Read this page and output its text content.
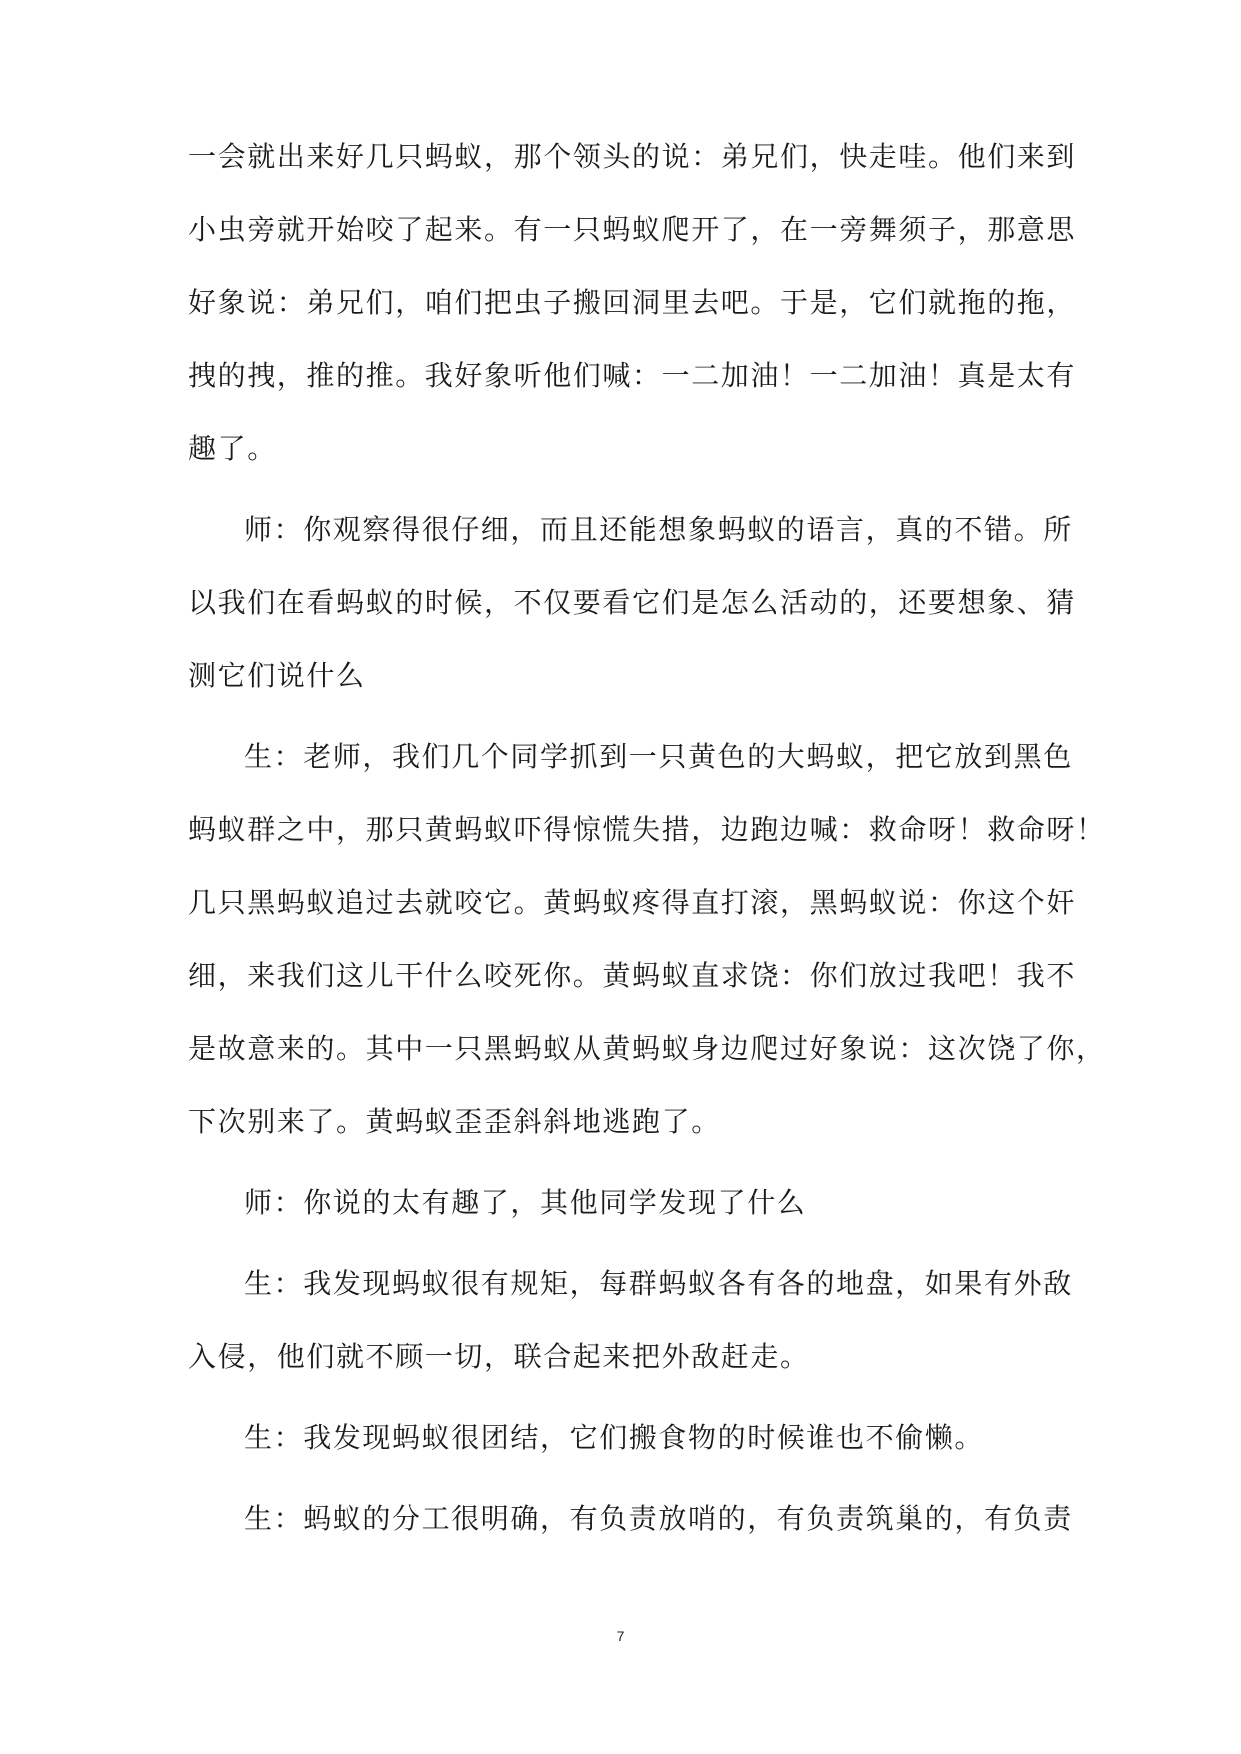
一会就出来好几只蚂蚁，那个领头的说：弟兄们，快走哇。他们来到
小虫旁就开始咬了起来。有一只蚂蚁爬开了，在一旁舞须子，那意思
好象说：弟兄们，咱们把虫子搬回洞里去吧。于是，它们就拖的拖，
拽的拽，推的推。我好象听他们喊：一二加油！一二加油！真是太有
趣了。
师：你观察得很仔细，而且还能想象蚂蚁的语言，真的不错。所
以我们在看蚂蚁的时候，不仅要看它们是怎么活动的，还要想象、猜
测它们说什么
生：老师，我们几个同学抓到一只黄色的大蚂蚁，把它放到黑色
蚂蚁群之中，那只黄蚂蚁吓得惊慌失措，边跑边喊：救命呀！救命呀！
几只黑蚂蚁追过去就咬它。黄蚂蚁疼得直打滚，黑蚂蚁说：你这个奸
细，来我们这儿干什么咬死你。黄蚂蚁直求饶：你们放过我吧！我不
是故意来的。其中一只黑蚂蚁从黄蚂蚁身边爬过好象说：这次饶了你，
下次别来了。黄蚂蚁歪歪斜斜地逃跑了。
师：你说的太有趣了，其他同学发现了什么
生：我发现蚂蚁很有规矩，每群蚂蚁各有各的地盘，如果有外敌
入侵，他们就不顾一切，联合起来把外敌赶走。
生：我发现蚂蚁很团结，它们搬食物的时候谁也不偷懒。
生：蚂蚁的分工很明确，有负责放哨的，有负责筑巢的，有负责
7
